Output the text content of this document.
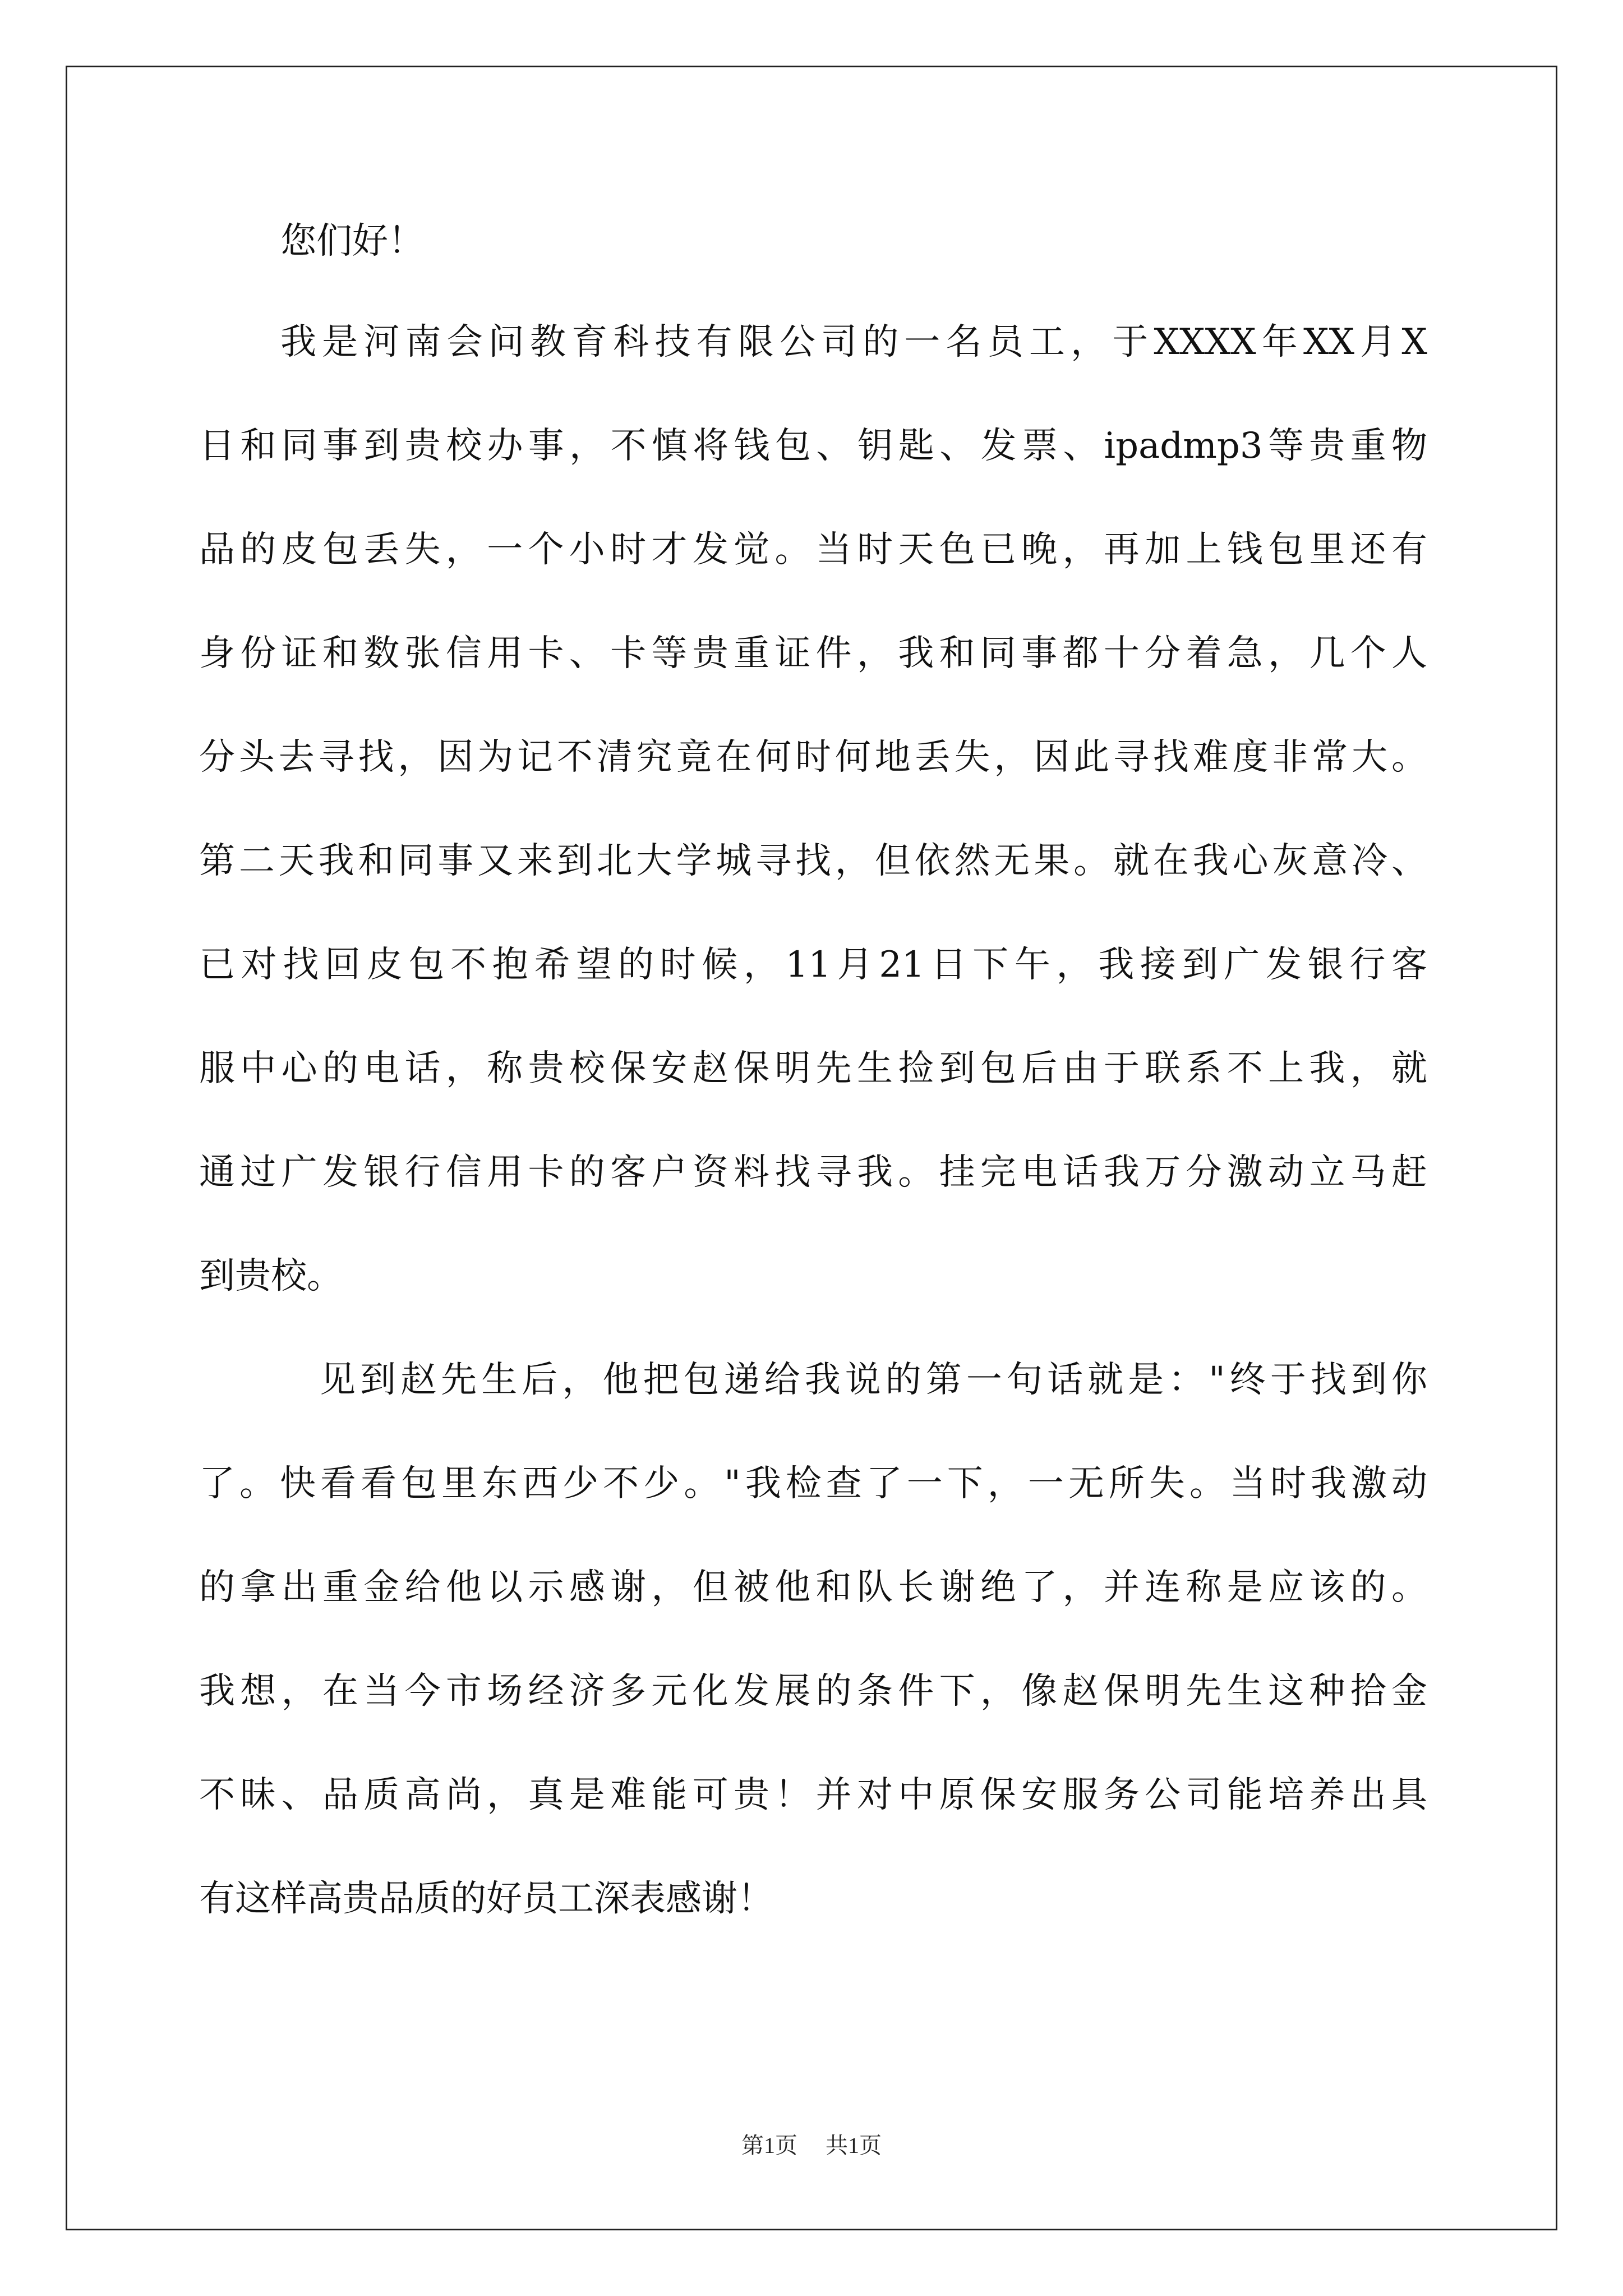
您们好！
我是河南会问教育科技有限公司的一名员工，于XXXX年XX月X
日和同事到贵校办事，不慎将钱包、钥匙、发票、ipadmp3等贵重物
品的皮包丢失，一个小时才发觉。当时天色已晚，再加上钱包里还有
身份证和数张信用卡、卡等贵重证件，我和同事都十分着急，几个人
分头去寻找，因为记不清究竟在何时何地丢失，因此寻找难度非常大。
第二天我和同事又来到北大学城寻找，但依然无果。就在我心灰意冷、
已对找回皮包不抱希望的时候，11月21日下午，我接到广发银行客
服中心的电话，称贵校保安赵保明先生捡到包后由于联系不上我，就
通过广发银行信用卡的客户资料找寻我。挂完电话我万分激动立马赶
到贵校。
见到赵先生后，他把包递给我说的第一句话就是："终于找到你
了。快看看包里东西少不少。"我检查了一下，一无所失。当时我激动
的拿出重金给他以示感谢，但被他和队长谢绝了，并连称是应该的。
我想，在当今市场经济多元化发展的条件下，像赵保明先生这种拾金
不昧、品质高尚，真是难能可贵！并对中原保安服务公司能培养出具
有这样高贵品质的好员工深表感谢！
第1页 共1页
